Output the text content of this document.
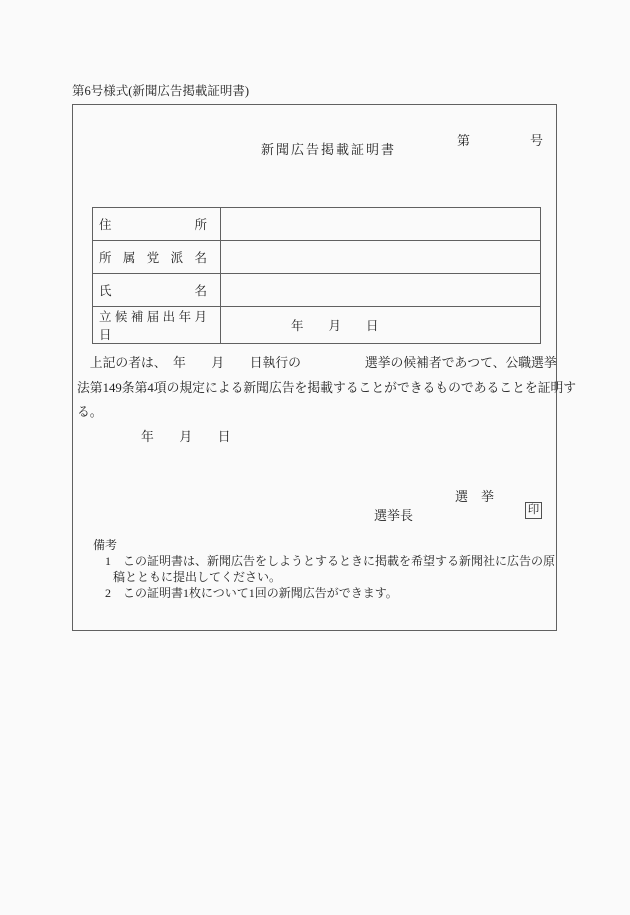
第6号様式(新聞広告掲載証明書)

第	号

新聞広告掲載証明書
住 所	
所 属 党 派 名	
氏 名	
立 候 補 届 出 年 月 日	年　　月　　日
　上記の者は、　年　　月　　日執行の　　　　　選挙の候補者であつて、公職選挙
法第149条第4項の規定による新聞広告を掲載することができるものであることを証明す
る。
　　　　　年　　月　　日
選　挙
選挙長	印
備考
1　この証明書は、新聞広告をしようとするときに掲載を希望する新聞社に広告の原
稿とともに提出してください。
2　この証明書1枚について1回の新聞広告ができます。
